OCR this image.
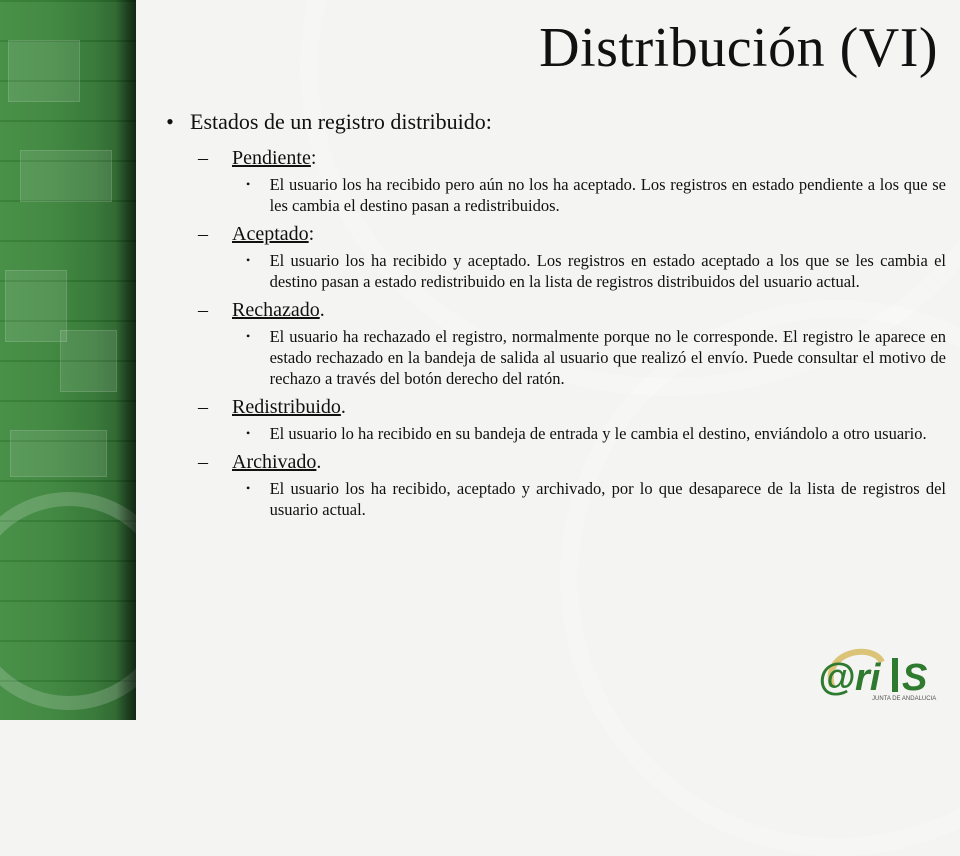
Distribución (VI)
• Estados de un registro distribuido:
–	Pendiente:
•	El usuario los ha recibido pero aún no los ha aceptado. Los registros en estado pendiente a los que se les cambia el destino pasan a redistribuidos.
–	Aceptado:
•	El usuario los ha recibido y aceptado. Los registros en estado aceptado a los que se les cambia el destino pasan a estado redistribuido en la lista de registros distribuidos del usuario actual.
–	Rechazado.
•	El usuario ha rechazado el registro, normalmente porque no le corresponde. El registro le aparece en estado rechazado en la bandeja de salida al usuario que realizó el envío. Puede consultar el motivo de rechazo a través del botón derecho del ratón.
–	Redistribuido.
•	El usuario lo ha recibido en su bandeja de entrada y le cambia el destino, enviándolo a otro usuario.
–	Archivado.
•	El usuario los ha recibido, aceptado y archivado, por lo que desaparece de la lista de registros del usuario actual.
@ri S
JUNTA DE ANDALUCIA
